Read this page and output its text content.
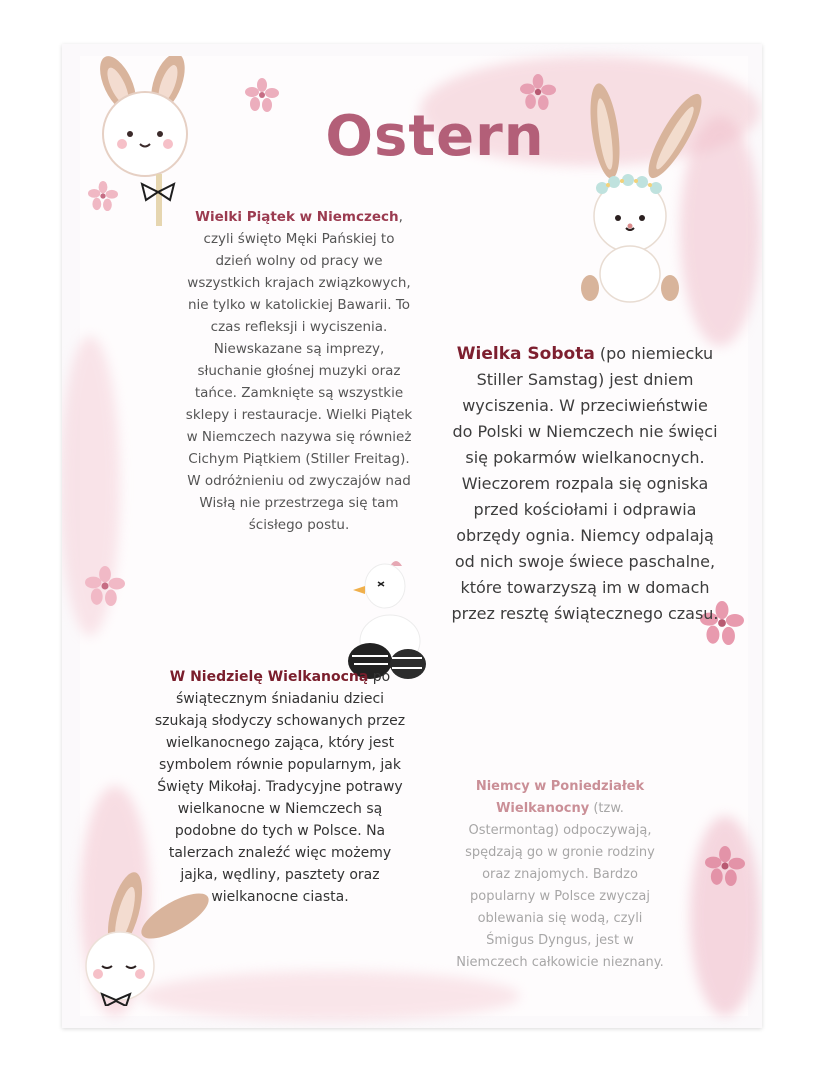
Ostern
Wielki Piątek w Niemczech, czyli święto Męki Pańskiej to dzień wolny od pracy we wszystkich krajach związkowych, nie tylko w katolickiej Bawarii. To czas refleksji i wyciszenia. Niewskazane są imprezy, słuchanie głośnej muzyki oraz tańce. Zamknięte są wszystkie sklepy i restauracje. Wielki Piątek w Niemczech nazywa się również Cichym Piątkiem (Stiller Freitag). W odróżnieniu od zwyczajów nad Wisłą nie przestrzega się tam ścisłego postu.
Wielka Sobota (po niemiecku Stiller Samstag) jest dniem wyciszenia. W przeciwieństwie do Polski w Niemczech nie święci się pokarmów wielkanocnych. Wieczorem rozpala się ogniska przed kościołami i odprawia obrzędy ognia. Niemcy odpalają od nich swoje świece paschalne, które towarzyszą im w domach przez resztę świątecznego czasu.
W Niedzielę Wielkanocną po świątecznym śniadaniu dzieci szukają słodyczy schowanych przez wielkanocnego zająca, który jest symbolem równie popularnym, jak Święty Mikołaj. Tradycyjne potrawy wielkanocne w Niemczech są podobne do tych w Polsce. Na talerzach znaleźć więc możemy jajka, wędliny, pasztety oraz wielkanocne ciasta.
Niemcy w Poniedziałek Wielkanocny (tzw. Ostermontag) odpoczywają, spędzają go w gronie rodziny oraz znajomych. Bardzo popularny w Polsce zwyczaj oblewania się wodą, czyli Śmigus Dyngus, jest w Niemczech całkowicie nieznany.
